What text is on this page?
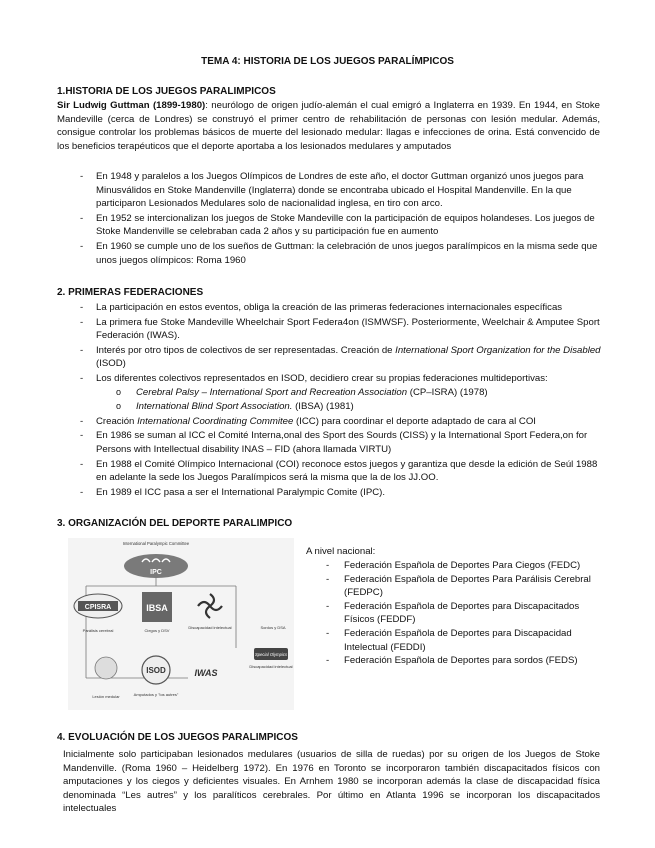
TEMA 4: HISTORIA DE LOS JUEGOS PARALÍMPICOS
1.HISTORIA DE LOS JUEGOS PARALIMPICOS
Sir Ludwig Guttman (1899-1980): neurólogo de origen judío-alemán el cual emigró a Inglaterra en 1939. En 1944, en Stoke Mandeville (cerca de Londres) se construyó el primer centro de rehabilitación de personas con lesión medular. Además, consigue controlar los problemas básicos de muerte del lesionado medular: llagas e infecciones de orina. Está convencido de los beneficios terapéuticos que el deporte aportaba a los lesionados medulares y amputados
- En 1948 y paralelos a los Juegos Olímpicos de Londres de este año, el doctor Guttman organizó unos juegos para Minusválidos en Stoke Mandenville (Inglaterra) donde se encontraba ubicado el Hospital Mandenville. En la que participaron Lesionados Medulares solo de nacionalidad inglesa, en tiro con arco.
- En 1952 se intercionalizan los juegos de Stoke Mandeville con la participación de equipos holandeses. Los juegos de Stoke Mandenville se celebraban cada 2 años y su participación fue en aumento
- En 1960 se cumple uno de los sueños de Guttman: la celebración de unos juegos paralímpicos en la misma sede que unos juegos olímpicos: Roma 1960
2. PRIMERAS FEDERACIONES
- La participación en estos eventos, obliga la creación de las primeras federaciones internacionales específicas
- La primera fue Stoke Mandeville Wheelchair Sport Federa4on (ISMWSF). Posteriormente, Weelchair & Amputee Sport Federación (IWAS).
- Interés por otro tipos de colectivos de ser representadas. Creación de International Sport Organization for the Disabled (ISOD)
- Los diferentes colectivos representados en ISOD, decidiero crear su propias federaciones multideportivas:
o Cerebral Palsy – International Sport and Recreation Association (CP–ISRA) (1978)
o International Blind Sport Association. (IBSA) (1981)
- Creación International Coordinating Commitee (ICC) para coordinar el deporte adaptado de cara al COI
- En 1986 se suman al ICC el Comité Interna,onal des Sport des Sourds (CISS) y la International Sport Federa,on for Persons with Intellectual disability INAS – FID (ahora llamada VIRTU)
- En 1988 el Comité Olímpico Internacional (COI) reconoce estos juegos y garantiza que desde la edición de Seúl 1988 en adelante la sede los Juegos Paralímpicos será la misma que la de los JJ.OO.
- En 1989 el ICC pasa a ser el International Paralympic Comite (IPC).
3. ORGANIZACIÓN DEL DEPORTE PARALIMPICO
International Paralympic Committee
IPC
CPISRA
Parálisis cerebral
IBSA
Ciegos y DSV
Discapacidad intelectual	Sordos y DSA
Special Olympics
Discapacidad intelectual
Lesión medular
ISOD
Amputados y "los autres"
IWAS
A nivel nacional:
- Federación Española de Deportes Para Ciegos (FEDC)
- Federación Española de Deportes Para Parálisis Cerebral (FEDPC)
- Federación Española de Deportes para Discapacitados Físicos (FEDDF)
- Federación Española de Deportes para Discapacidad Intelectual (FEDDI)
- Federación Española de Deportes para sordos (FEDS)
4. EVOLUACIÓN DE LOS JUEGOS PARALIMPICOS
Inicialmente solo participaban lesionados medulares (usuarios de silla de ruedas) por su origen de los Juegos de Stoke Mandenville. (Roma 1960 – Heidelberg 1972). En 1976 en Toronto se incorporaron también discapacitados físicos con amputaciones y los ciegos y deficientes visuales. En Arnhem 1980 se incorporan además la clase de discapacidad física denominada “Les autres” y los paralíticos cerebrales. Por último en Atlanta 1996 se incorporan los discapacitados intelectuales
